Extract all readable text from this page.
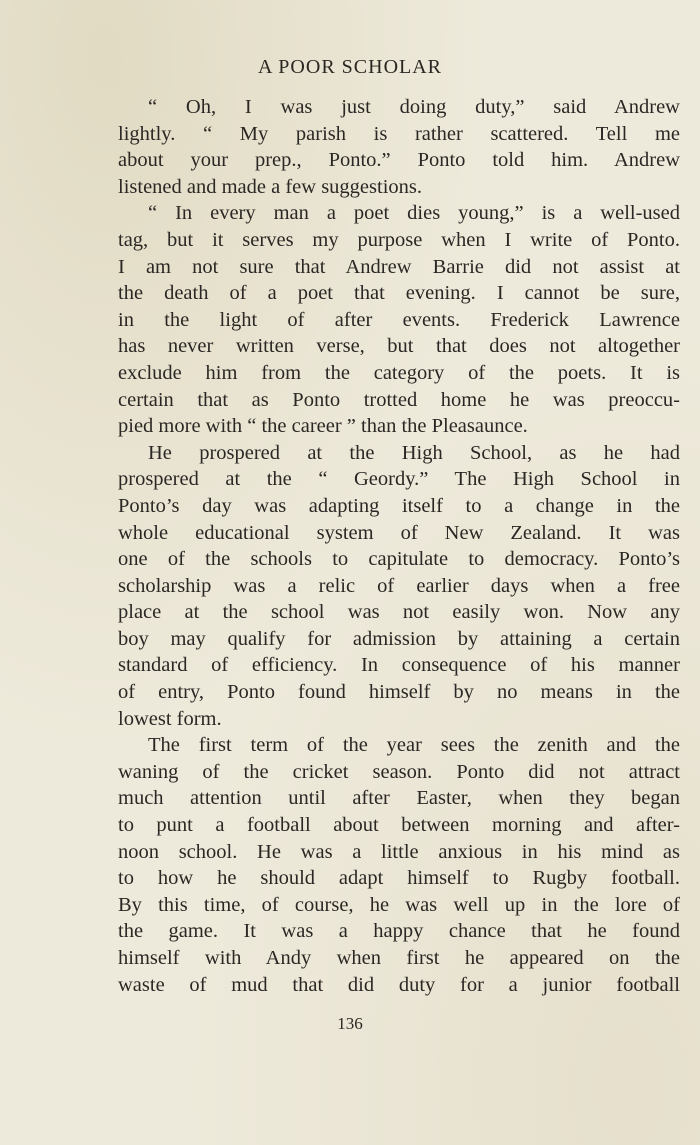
A POOR SCHOLAR
“ Oh, I was just doing duty,” said Andrew
lightly. “ My parish is rather scattered. Tell me
about your prep., Ponto.” Ponto told him. Andrew
listened and made a few suggestions.
“ In every man a poet dies young,” is a well-used
tag, but it serves my purpose when I write of Ponto.
I am not sure that Andrew Barrie did not assist at
the death of a poet that evening. I cannot be sure,
in the light of after events. Frederick Lawrence
has never written verse, but that does not altogether
exclude him from the category of the poets. It is
certain that as Ponto trotted home he was preoccu-
pied more with “ the career ” than the Pleasaunce.
He prospered at the High School, as he had
prospered at the “ Geordy.” The High School in
Ponto’s day was adapting itself to a change in the
whole educational system of New Zealand. It was
one of the schools to capitulate to democracy. Ponto’s
scholarship was a relic of earlier days when a free
place at the school was not easily won. Now any
boy may qualify for admission by attaining a certain
standard of efficiency. In consequence of his manner
of entry, Ponto found himself by no means in the
lowest form.
The first term of the year sees the zenith and the
waning of the cricket season. Ponto did not attract
much attention until after Easter, when they began
to punt a football about between morning and after-
noon school. He was a little anxious in his mind as
to how he should adapt himself to Rugby football.
By this time, of course, he was well up in the lore of
the game. It was a happy chance that he found
himself with Andy when first he appeared on the
waste of mud that did duty for a junior football
136
